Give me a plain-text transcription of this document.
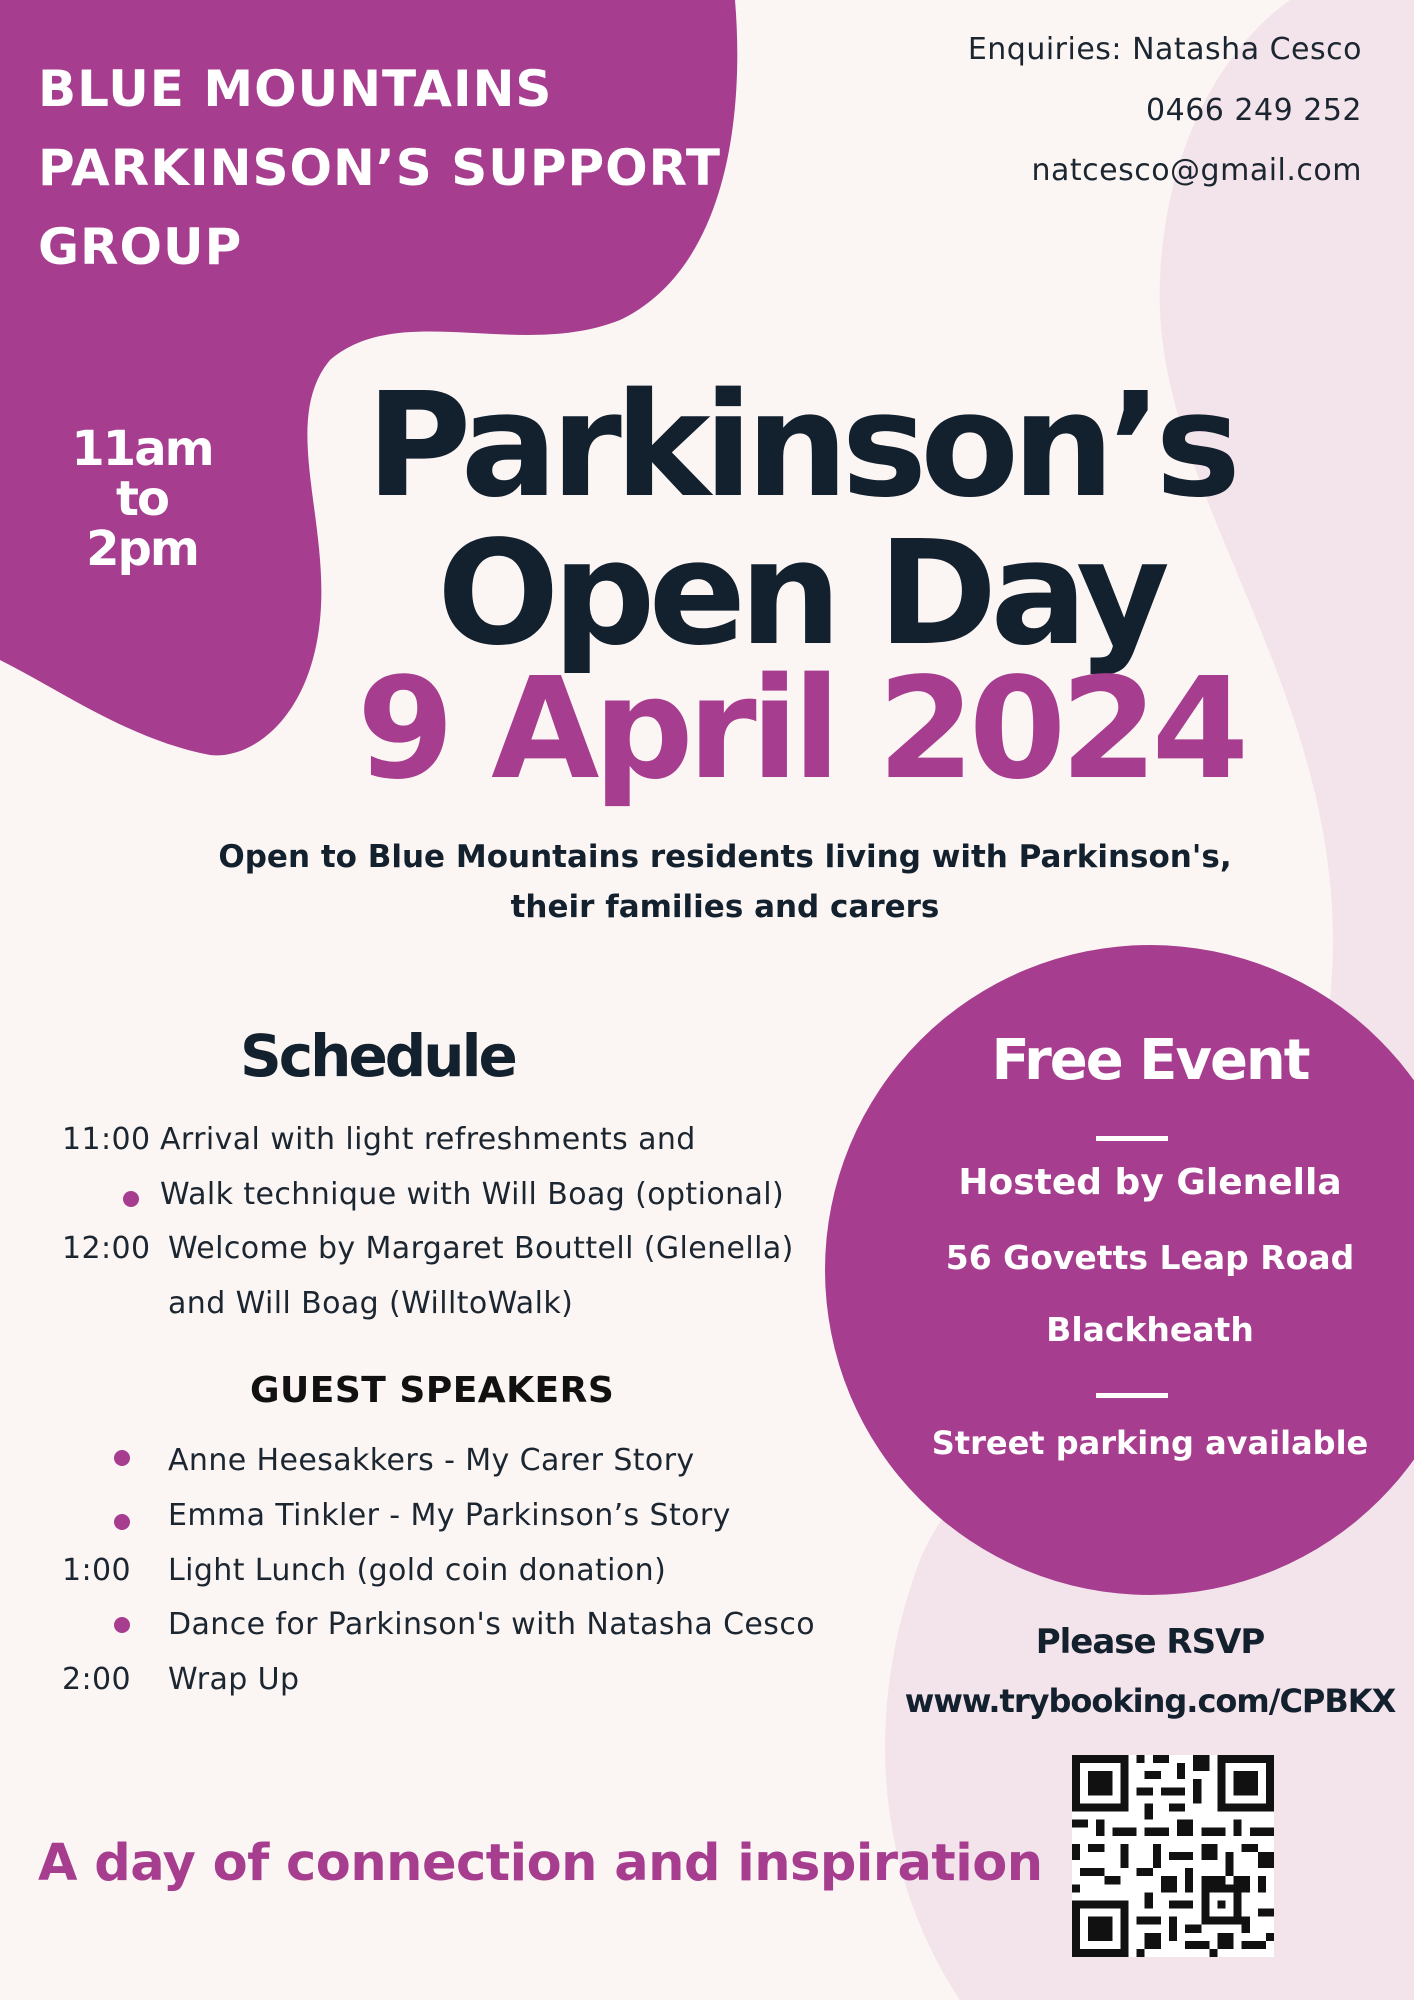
BLUE MOUNTAINS
PARKINSON’S SUPPORT
GROUP
11am
to
2pm
Enquiries: Natasha Cesco
0466 249 252
natcesco@gmail.com
Parkinson’s
Open Day
9 April 2024
Open to Blue Mountains residents living with Parkinson's,
their families and carers
Schedule
11:00 Arrival with light refreshments and
Walk technique with Will Boag (optional)
12:00 Welcome by Margaret Bouttell (Glenella)
and Will Boag (WilltoWalk)
GUEST SPEAKERS
Anne Heesakkers - My Carer Story
Emma Tinkler - My Parkinson’s Story
1:00 Light Lunch (gold coin donation)
Dance for Parkinson's with Natasha Cesco
2:00 Wrap Up
Free Event
Hosted by Glenella
56 Govetts Leap Road
Blackheath
Street parking available
Please RSVP
www.trybooking.com/CPBKX
A day of connection and inspiration
